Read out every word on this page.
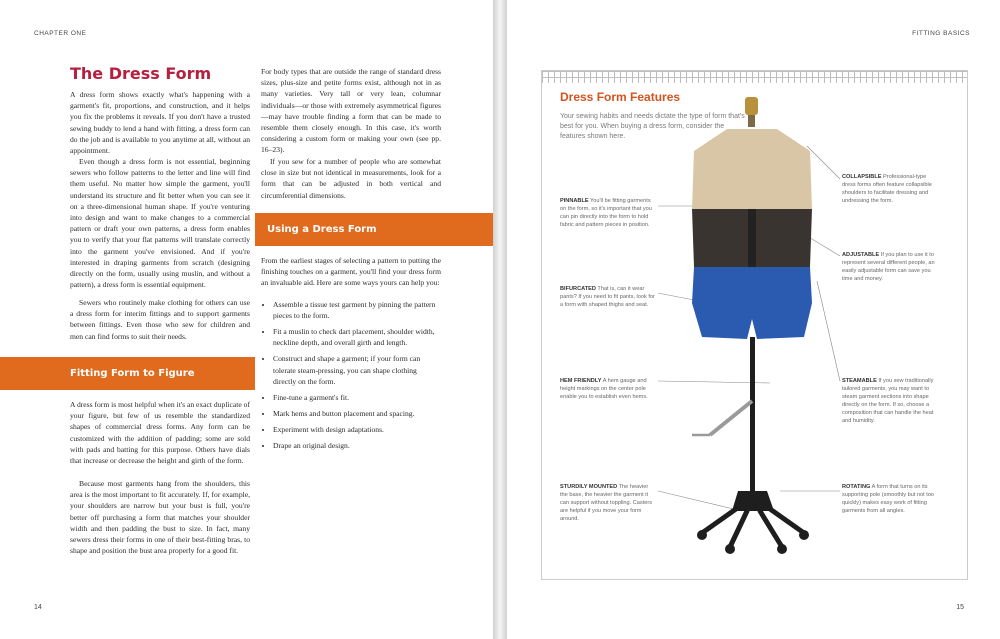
CHAPTER ONE
The Dress Form

A dress form shows exactly what's happening with a garment's fit, proportions, and construction, and it helps you fix the problems it reveals. If you don't have a trusted sewing buddy to lend a hand with fitting, a dress form can do the job and is available to you anytime at all, without an appointment.

Even though a dress form is not essential, beginning sewers who follow patterns to the letter and line will find them useful. No matter how simple the garment, you'll understand its structure and fit better when you can see it on a three-dimensional human shape. If you're venturing into design and want to make changes to a commercial pattern or draft your own patterns, a dress form enables you to verify that your flat patterns will translate correctly into the garment you've envisioned. And if you're interested in draping garments from scratch (designing directly on the form, usually using muslin, and without a pattern), a dress form is essential equipment.

Sewers who routinely make clothing for others can use a dress form for interim fittings and to support garments between fittings. Even those who sew for children and men can find forms to suit their needs.

Fitting Form to Figure

A dress form is most helpful when it's an exact duplicate of your figure, but few of us resemble the standardized shapes of commercial dress forms. Any form can be customized with the addition of padding; some are sold with pads and batting for this purpose. Others have dials that increase or decrease the height and girth of the form.

Because most garments hang from the shoulders, this area is the most important to fit accurately. If, for example, your shoulders are narrow but your bust is full, you're better off purchasing a form that matches your shoulder width and then padding the bust to size. In fact, many sewers dress their forms in one of their best-fitting bras, to shape and position the bust area properly for a good fit.

For body types that are outside the range of standard dress sizes, plus-size and petite forms exist, although not in as many varieties. Very tall or very lean, columnar individuals—or those with extremely asymmetrical figures—may have trouble finding a form that can be made to resemble them closely enough. In this case, it's worth considering a custom form or making your own (see pp. 16–23).

If you sew for a number of people who are somewhat close in size but not identical in measurements, look for a form that can be adjusted in both vertical and circumferential dimensions.

Using a Dress Form

From the earliest stages of selecting a pattern to putting the finishing touches on a garment, you'll find your dress form an invaluable aid. Here are some ways yours can help you:

• Assemble a tissue test garment by pinning the pattern pieces to the form.
• Fit a muslin to check dart placement, shoulder width, neckline depth, and overall girth and length.
• Construct and shape a garment; if your form can tolerate steam-pressing, you can shape clothing directly on the form.
• Fine-tune a garment's fit.
• Mark hems and button placement and spacing.
• Experiment with design adaptations.
• Drape an original design.
14
FITTING BASICS
Dress Form Features

Your sewing habits and needs dictate the type of form that's best for you. When buying a dress form, consider the features shown here.

PINNABLE You'll be fitting garments on the form, so it's important that you can pin directly into the form to hold fabric and pattern pieces in position.

BIFURCATED That is, can it wear pants? If you need to fit pants, look for a form with shaped thighs and seat.

HEM FRIENDLY A hem gauge and height markings on the center pole enable you to establish even hems.

STURDILY MOUNTED The heavier the base, the heavier the garment it can support without toppling. Casters are helpful if you move your form around.

COLLAPSIBLE Professional-type dress forms often feature collapsible shoulders to facilitate dressing and undressing the form.

ADJUSTABLE If you plan to use it to represent several different people, an easily adjustable form can save you time and money.

STEAMABLE If you sew traditionally tailored garments, you may want to steam garment sections into shape directly on the form. If so, choose a composition that can handle the heat and humidity.

ROTATING A form that turns on its supporting pole (smoothly but not too quickly) makes easy work of fitting garments from all angles.

15
